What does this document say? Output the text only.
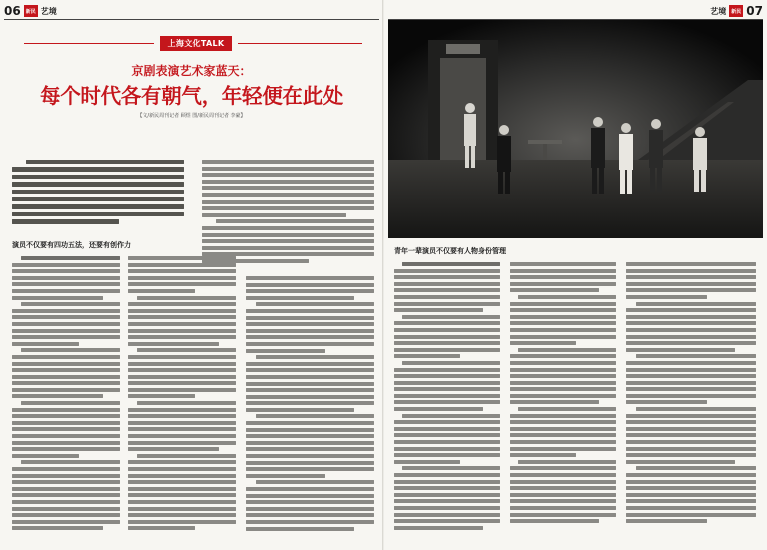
06 新民 艺境
上海文化TALK
京剧表演艺术家蓝天：
每个时代各有朝气，年轻便在此处
【文/新民周刊记者 顾煜 图/新民周刊记者 李豪】
演员不仅要有四功五法，还要有创作力
艺境 新民 07
青年一辈演员不仅要有人物身份管理
